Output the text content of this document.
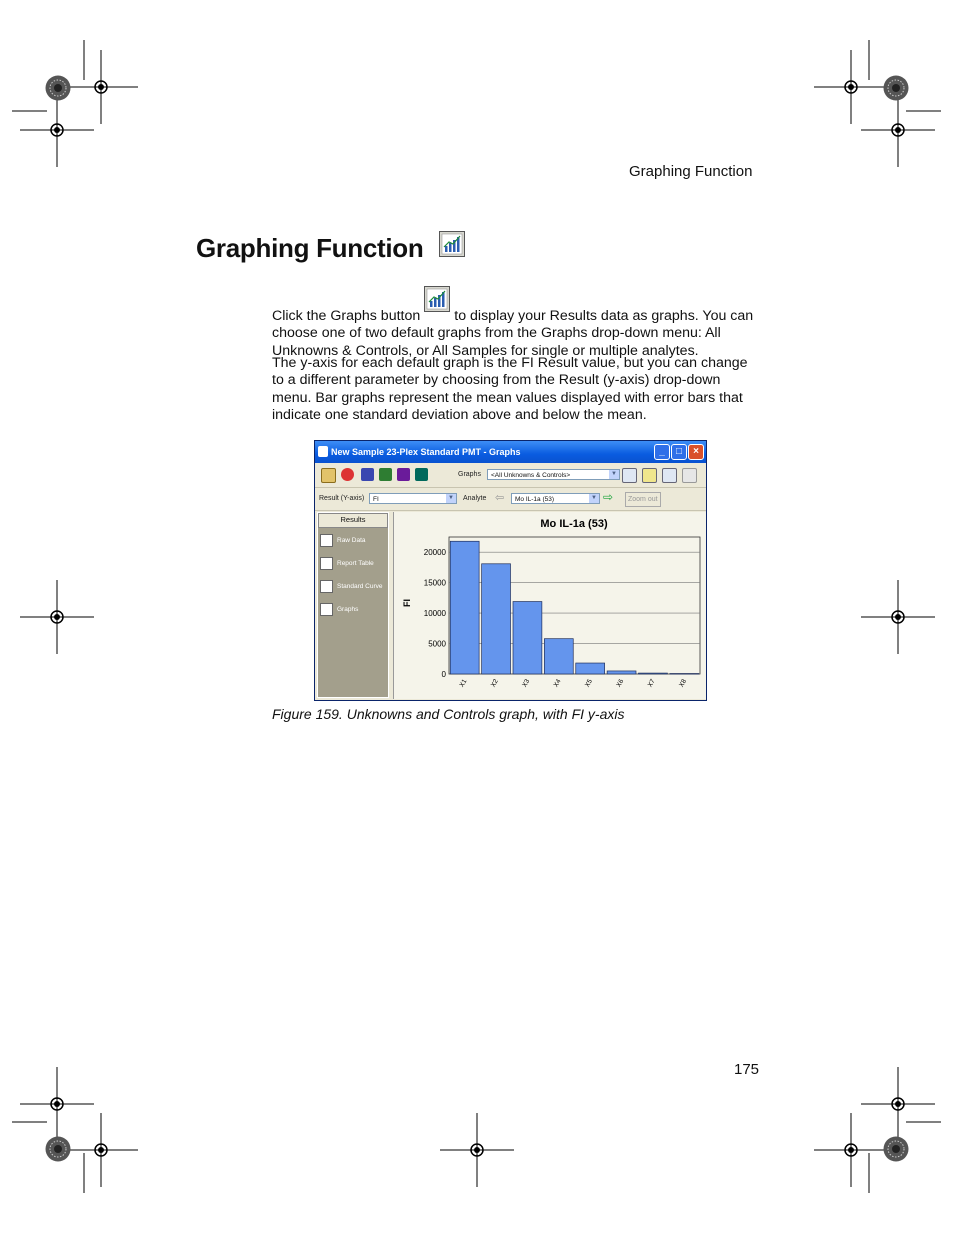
Graphing Function
Graphing Function
Click the Graphs button to display your Results data as graphs. You can choose one of two default graphs from the Graphs drop-down menu: All Unknowns & Controls, or All Samples for single or multiple analytes.
The y-axis for each default graph is the FI Result value, but you can change to a different parameter by choosing from the Result (y-axis) drop-down menu. Bar graphs represent the mean values displayed with error bars that indicate one standard deviation above and below the mean.
New Sample 23-Plex Standard PMT - Graphs	_	□	×
Graphs	<All Unknowns & Controls>	▼
Result (Y-axis)	FI	▼ Analyte ⇦	Mo IL-1a (53)	▼ ⇨	Zoom out
Results
Raw Data
Report Table
Standard Curve
Graphs
Mo IL-1a (53)
FI
0
5000
10000
15000
20000
X1	X2	X3	X4	X5	X6	X7	X8
Figure 159. Unknowns and Controls graph, with FI y-axis
175
